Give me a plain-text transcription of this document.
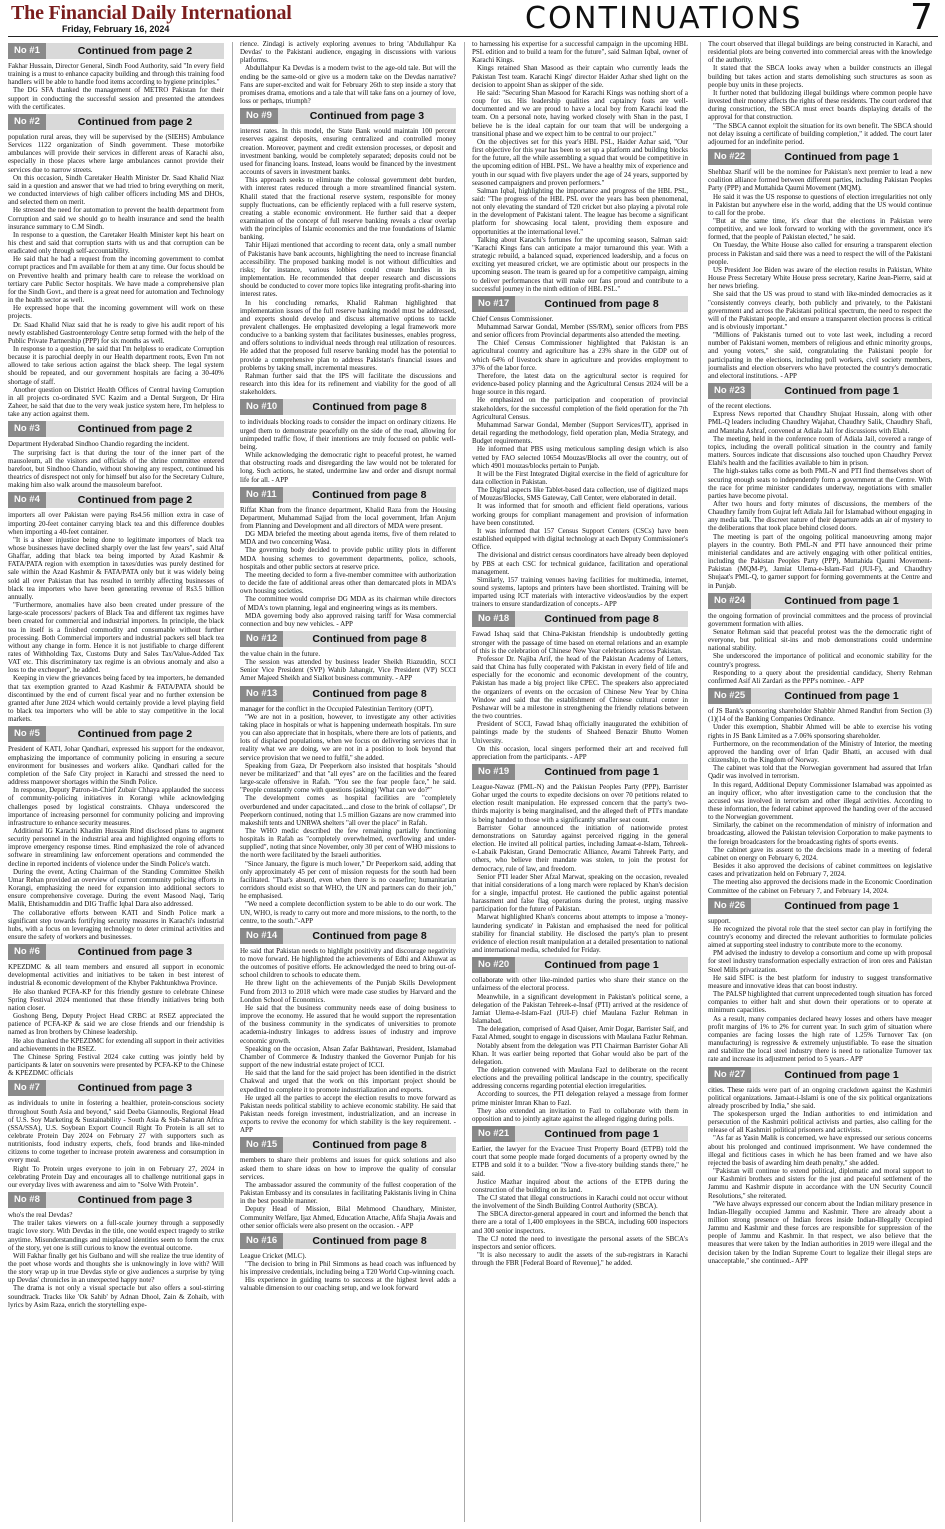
The Financial Daily International
Friday, February 16, 2024	CONTINUATIONS	7
No #1	Continued from page 2

Fakhar Hussain, Director General, Sindh Food Authority, said "In every field training is a must to enhance capacity building and through this training food handlers will be able to handle food items according to hygiene principles."

The DG SFA thanked the management of METRO Pakistan for their support in conducting the successful session and presented the attendees with the certificates.

No #2	Continued from page 2

population rural areas, they will be supervised by the (SIEHS) Ambulance Services 1122 organization of Sindh government. These motorbike ambulances will provide their services in different areas of Karachi also, especially in those places where large ambulances cannot provide their services due to narrow streets.

On this occasion, Sindh Caretaker Health Minister Dr. Saad Khalid Niaz said in a question and answer that we had tried to bring everything on merit, we conducted interviews of high caliber officers including MS and DHOs, and selected them on merit.

He stressed the need for automation to prevent the health department from Corruption and said we should go to health insurance and send the health insurance summary to C.M Sindh.

In response to a question, the Caretaker Health Minister kept his heart on his chest and said that corruption starts with us and that corruption can be eradicated only through self-accountability.

He said that he had a request from the incoming government to combat corrupt practices and I'm available for them at any time. Our focus should be on Preventive health and primary health care to release the workload on tertiary care Public Sector hospitals. We have made a comprehensive plan for the Sindh Govt., and there is a great need for automation and Technology in the health sector as well.

He expressed hope that the incoming government will work on these projects.

Dr. Saad Khalid Niaz said that he is ready to give his audit report of his newly established Gastroenterology Centre setup formed with the help of the Public Private Partnership (PPP) for six months as well.

In response to a question, he said that I'm helpless to eradicate Corruption because it is parochial deeply in our Health department roots, Even I'm not allowed to take serious action against the black sheep. The legal system should be repeated, and our government hospitals are facing a 30-40% shortage of staff.

Another question on District Health Offices of Central having Corruption in all projects co-ordinated SVC Kazim and a Dental Surgeon, Dr Hira Zaheer, he said that due to the very weak justice system here, I'm helpless to take any action against them.

No #3	Continued from page 2

Department Hyderabad Sindhoo Chandio regarding the incident.

The surprising fact is that during the tour of the inner part of the mausoleum, all the visitors and officials of the shrine committee entered barefoot, but Sindhoo Chandio, without showing any respect, continued his theatrics of disrespect not only for himself but also for the Secretary Culture, making him also walk around the mausoleum barefoot.

No #4	Continued from page 2

importers all over Pakistan were paying Rs4.56 million extra in case of importing 20-feet container carrying black tea and this difference doubles when importing a 40-feet container.

"It is a sheer injustice being done to legitimate importers of black tea whose businesses have declined sharply over the last few years", said Altaf Ghaffar, adding that black tea being imported by Azad Kashmir & FATA/PATA region with exemption in taxes/duties was purely destined for sale within the Azad Kashmir & FATA/PATA only but it was widely being sold all over Pakistan that has resulted in terribly affecting businesses of black tea importers who have been generating revenue of Rs3.5 billion annually.

"Furthermore, anomalies have also been created under pressure of the large-scale processors/ packers of Black Tea and different tax regimes have been created for commercial and industrial importers. In principle, the black tea in itself is a finished commodity and consumable without further processing. Both Commercial importers and industrial packers sell black tea without any change in form. Hence it is not justifiable to charge different rates of Withholding Tax, Customs Duty and Sales Tax/Value-Added Tax VAT etc. This discriminatory tax regime is an obvious anomaly and also a loss to the exchequer", he added.

Keeping in view the grievances being faced by tea importers, he demanded that tax exemption granted to Azad Kashmir & FATA/PATA should be discontinued by the end of current fiscal year and no further extension be granted after June 2024 which would certainly provide a level playing field to black tea importers who will be able to stay competitive in the local markets.

No #5	Continued from page 2

President of KATI, Johar Qandhari, expressed his support for the endeavor, emphasizing the importance of community policing in ensuring a secure environment for businesses and workers alike. Qandhari called for the completion of the Safe City project in Karachi and stressed the need to address manpower shortages within the Sindh Police.

In response, Deputy Patron-in-Chief Zubair Chhaya applauded the success of community-policing initiatives in Korangi while acknowledging challenges posed by logistical constraints. Chhaya underscored the importance of increasing personnel for community policing and improving infrastructure to enhance security measures.

Additional IG Karachi Khadim Hussain Rind disclosed plans to augment security personnel in the industrial area and highlighted ongoing efforts to improve emergency response times. Rind emphasized the role of advanced software in streamlining law enforcement operations and commended the decline in reported incidents of violence under the Sindh Police's watch.

During the event, Acting Chairman of the Standing Committee Sheikh Umar Rehan provided an overview of current community policing efforts in Korangi, emphasizing the need for expansion into additional sectors to ensure comprehensive coverage. During the event Masood Naqi, Tariq Malik, Ehtishamuddin and DIG Traffic Iqbal Dara also addressed.

The collaborative efforts between KATI and Sindh Police mark a significant step towards fortifying security measures in Karachi's industrial hubs, with a focus on leveraging technology to deter criminal activities and ensure the safety of workers and businesses.

No #6	Continued from page 3

KPEZDMC & all team members and ensured all support in economic developmental activities and initiatives to be taken in best interest of industrial & economic development of the Khyber Pakhtunkhwa Province.

He also thanked PCFA-KP for this friendly gesture to celebrate Chinese Spring Festival 2024 mentioned that these friendly initiatives bring both nation closer.

Goshong Beng, Deputy Project Head CRBC at RSEZ appreciated the patience of PCFA-KP & said we are close friends and our friendship is named as Iron brothers by Chinese leadership.

He also thanked the KPEZDMC for extending all support in their activities and achievements in the RSEZ.

The Chinese Spring Festival 2024 cake cutting was jointly held by participants & later on souvenirs were presented by PCFA-KP to the Chinese & KPEZDMC officials

No #7	Continued from page 3

as individuals to unite in fostering a healthier, protein-conscious society throughout South Asia and beyond," said Deeba Giannoulis, Regional Head of U.S. Soy Marketing & Sustainability - South Asia & Sub-Saharan Africa (SSA/SSA), U.S. Soybean Export Council Right To Protein is all set to celebrate Protein Day 2024 on February 27 with supporters such as nutritionists, food industry experts, chefs, food brands and like-minded citizens to come together to increase protein awareness and consumption in every meal.

Right To Protein urges everyone to join in on February 27, 2024 in celebrating Protein Day and encourages all to challenge nutritional gaps in our everyday lives with awareness and aim to "Solve With Protein".

No #8	Continued from page 3

who's the real Devdas?

The trailer takes viewers on a full-scale journey through a supposedly tragic love story. With Devdas in the title, one would expect tragedy to strike anytime. Misunderstandings and misplaced identities seem to form the crux of the story, yet one is still curious to know the eventual outcome.

Will Fakhar finally get his Gulbano and will she realize the true identity of the poet whose words and thoughts she is unknowingly in love with? Will the story wrap up in true Devdas style or give audiences a surprise by tying up Devdas' chronicles in an unexpected happy note?

The drama is not only a visual spectacle but also offers a soul-stirring soundtrack. Tracks like 'Ok Sahib' by Adnan Dhool, Zain & Zohaib, with lyrics by Asim Raza, enrich the storytelling expe-

rience. Zindagi is actively exploring avenues to bring 'Abdullahpur Ka Devdas' to the Pakistani audience, engaging in discussions with various platforms.

Abdullahpur Ka Devdas is a modern twist to the age-old tale. But will the ending be the same-old or give us a modern take on the Devdas narrative? Fans are super-excited and wait for February 26th to step inside a story that promises drama, emotions and a tale that will take fans on a journey of love, loss or perhaps, triumph?

No #9	Continued from page 3

interest rates. In this model, the State Bank would maintain 100 percent reserves against deposits, ensuring centralized and controlled money creation. Moreover, payment and credit extension processes, or deposit and investment banking, would be completely separated; deposits could not be used for financing loans. Instead, loans would be financed by the investment accounts of savers in investment banks.

This approach seeks to eliminate the colossal government debt burden, with interest rates reduced through a more streamlined financial system. Khalil stated that the fractional reserve system, responsible for money supply fluctuations, can be efficiently replaced with a full reserve system, creating a stable economic environment. He further said that a deeper examination of the concept of full reserve banking reveals a clear overlap with the principles of Islamic economics and the true foundations of Islamic banking.

Tahir Hijazi mentioned that according to recent data, only a small number of Pakistanis have bank accounts, highlighting the need to increase financial accessibility. The proposed banking model is not without difficulties and risks; for instance, various lobbies could create hurdles in its implementation. He recommended that deeper research and discussions should be conducted to cover more topics like integrating profit-sharing into interest rates.

In his concluding remarks, Khalid Rahman highlighted that implementation issues of the full reserve banking model must be addressed, and experts should develop and discuss alternative options to tackle prevalent challenges. He emphasized developing a legal framework more conducive to a banking system that facilitates businesses, enables progress, and offers solutions to individual needs through real utilization of resources. He added that the proposed full reserve banking model has the potential to provide a comprehensive plan to address Pakistan's financial issues and problems by taking small, incremental measures.

Rahman further said that the IPS will facilitate the discussions and research into this idea for its refinement and viability for the good of all stakeholders.

No #10	Continued from page 8

to individuals blocking roads to consider the impact on ordinary citizens. He urged them to demonstrate peacefully on the side of the road, allowing for unimpeded traffic flow, if their intentions are truly focused on public well-being.

While acknowledging the democratic right to peaceful protest, he warned that obstructing roads and disregarding the law would not be tolerated for long. Such actions, he stated, undermine law and order and disrupt normal life for all. - APP

No #11	Continued from page 8

Riffat Khan from the finance department, Khalid Raza from the Housing Department, Muhammad Sajjad from the local government, Irfan Anjum from Planning and Development and all directors of MDA were present.

DG MDA briefed the meeting about agenda items, five of them related to MDA and two concerning Wasa.

The governing body decided to provide public utility plots in different MDA housing schemes to government departments, police, schools, hospitals and other public sectors at reserve price.

The meeting decided to form a five-member committee with authorization to decide the fate of additional areas other than demarcated plots in MDA's own housing societies.

The committee would comprise DG MDA as its chairman while directors of MDA's town planning, legal and engineering wings as its members.

MDA governing body also approved raising tariff for Wasa commercial connection and buy new vehicles. - APP

No #12	Continued from page 8

the value chain in the future.

The session was attended by business leader Sheikh Riazuddin, SCCI Senior Vice President (SVP) Wahib Jahangir, Vice President (VP) SCCI Amer Majeed Sheikh and Sialkot business community. - APP

No #13	Continued from page 8

manager for the conflict in the Occupied Palestinian Territory (OPT).

"We are not in a position, however, to investigate any other activities taking place in hospitals or what is happening underneath hospitals. I'm sure you can also appreciate that in hospitals, where there are lots of patients, and lots of displaced populations, when we focus on delivering services that in reality what we are doing, we are not in a position to look beyond that service provision that we need to fulfil," she added.

Speaking from Gaza, Dr Peeperkorn also insisted that hospitals "should never be militarized" and that "all eyes" are on the facilities and the feared large-scale offensive in Rafah. "You see the fear people face," he said. "People constantly come with questions (asking) 'What can we do?'"

The development comes as hospital facilities are "completely overburdened and under capacitated....and close to the brink of collapse", Dr Peeperkorn continued, noting that 1.5 million Gazans are now crammed into makeshift tents and UNRWA shelters "all over the place" in Rafah.

The WHO medic described the few remaining partially functioning hospitals in Rafah as "completely overwhelmed, overflowing and under-supplied", noting that since November, only 30 per cent of WHO missions to the north were facilitated by the Israeli authorities.

"Since January, the figure is much lower," Dr Peeperkorn said, adding that only approximately 45 per cent of mission requests for the south had been facilitated. "That's absurd, even when there is no ceasefire; humanitarian corridors should exist so that WHO, the UN and partners can do their job," he emphasised.

"We need a complete deconfliction system to be able to do our work. The UN, WHO, is ready to carry out more and more missions, to the north, to the centre, to the south."-APP

No #14	Continued from page 8

He said that Pakistan needs to highlight positivity and discourage negativity to move forward. He highlighted the achievements of Edhi and Akhuwat as the outcomes of positive efforts. He acknowledged the need to bring out-of-school children to schools to educate them.

He threw light on the achievements of the Punjab Skills Development Fund from 2013 to 2018 which were made case studies by Harvard and the London School of Economics.

He said that the business community needs ease of doing business to improve the economy. He assured that he would support the representation of the business community in the syndicates of universities to promote academia-industry linkages to address issues of industry and improve economic growth.

Speaking on the occasion, Ahsan Zafar Bakhtawari, President, Islamabad Chamber of Commerce & Industry thanked the Governor Punjab for his support of the new industrial estate project of ICCI.

He said that the land for the said project has been identified in the district Chakwal and urged that the work on this important project should be expedited to complete it to promote industrialization and exports.

He urged all the parties to accept the election results to move forward as Pakistan needs political stability to achieve economic stability. He said that Pakistan needs foreign investment, industrialization, and an increase in exports to revive the economy for which stability is the key requirement. - APP

No #15	Continued from page 8

members to share their problems and issues for quick solutions and also asked them to share ideas on how to improve the quality of consular services.

The ambassador assured the community of the fullest cooperation of the Pakistan Embassy and its consulates in facilitating Pakistanis living in China in the best possible manner.

Deputy Head of Mission, Bilal Mehmood Chaudhary, Minister, Community Welfare, Ijaz Ahmed, Education Attache, Afifa Shajia Awais and other senior officials were also present on the occasion. - APP

No #16	Continued from page 8

League Cricket (MLC).

"The decision to bring in Phil Simmons as head coach was influenced by his impressive credentials, including being a T20 World Cup-winning coach.

His experience in guiding teams to success at the highest level adds a valuable dimension to our coaching setup, and we look forward

to harnessing his expertise for a successful campaign in the upcoming HBL PSL edition and to build a team for the future", said Salman Iqbal, owner of Karachi Kings.

Kings retained Shan Masood as their captain who currently leads the Pakistan Test team. Karachi Kings' director Haider Azhar shed light on the decision to appoint Shan as skipper of the side.

He said: "Securing Shan Masood for Karachi Kings was nothing short of a coup for us. His leadership qualities and captaincy feats are well-documented and we are proud to have a local boy from Karachi lead the team. On a personal note, having worked closely with Shan in the past, I believe he is the ideal captain for our team that will be undergoing a transitional phase and we expect him to be central to our project."

On the objectives set for this year's HBL PSL, Haider Azhar said, "Our first objective for this year has been to set up a platform and building blocks for the future, all the while assembling a squad that would be competitive in the upcoming edition of HBL PSL. We have a healthy mix of experience and youth in our squad with five players under the age of 24 years, supported by seasoned campaigners and proven performers."

Salman Iqbal, highlighting the importance and progress of the HBL PSL, said: "The progress of the HBL PSL over the years has been phenomenal, not only elevating the standard of T20 cricket but also playing a pivotal role in the development of Pakistani talent. The league has become a significant platform for showcasing local talent, providing them exposure and opportunities at the international level."

Talking about Karachi's fortunes for the upcoming season, Salman said: "Karachi Kings fans can anticipate a major turnaround this year. With a strategic rebuild, a balanced squad, experienced leadership, and a focus on exciting yet measured cricket, we are optimistic about our prospects in the upcoming season. The team is geared up for a competitive campaign, aiming to deliver performances that will make our fans proud and contribute to a successful journey in the ninth edition of HBL PSL."

No #17	Continued from page 8

Chief Census Commissioner.

Muhammad Sarwar Gondal, Member (SS/RM), senior officers from PBS and senior officers from Provincial departments also attended the meeting.

The Chief Census Commissioner highlighted that Pakistan is an agricultural country and agriculture has a 23% share in the GDP out of which 64% of livestock share in agriculture and provides employment to 37% of the labor force.

Therefore, the latest data on the agricultural sector is required for evidence-based policy planning and the Agricultural Census 2024 will be a huge source in this regard.

He emphasized on the participation and cooperation of provincial stakeholders, for the successful completion of the field operation for the 7th Agricultural Census.

Muhammad Sarwar Gondal, Member (Support Services/IT), apprised in detail regarding the methodology, field operation plan, Media Strategy, and Budget requirements.

He informed that PBS using meticulous sampling design which is also vetted by FAO selected 10654 Mouzas/Blocks all over the country, out of which 4901 mouzas/blocks pertain to Punjab.

It will be the First Integrated Digital exercise in the field of agriculture for data collection in Pakistan.

The Digital aspects like Tablet-based data collection, use of digitized maps of Mouzas/Blocks, SMS Gateway, Call Center, were elaborated in detail.

It was informed that for smooth and efficient field operations, various working groups for compliant management and provision of information have been constituted.

It was informed that 157 Census Support Centers (CSCs) have been established equipped with digital technology at each Deputy Commissioner's Office.

The divisional and district census coordinators have already been deployed by PBS at each CSC for technical guidance, facilitation and operational management.

Similarly, 157 training venues having facilities for multimedia, internet, sound systems, laptops and printers have been shortlisted. Training will be imparted using ICT materials with interactive videos/audios by the expert trainers to ensure standardization of concepts.- APP

No #18	Continued from page 8

Fawad Ishaq said that China-Pakistan friendship is undoubtedly getting stronger with the passage of time based on eternal relations and an example of this is the celebration of Chinese New Year celebrations across Pakistan.

Professor Dr. Najiba Arif, the head of the Pakistan Academy of Letters, said that China has fully cooperated with Pakistan in every field of life and especially for the economic and economic development of the country, Pakistan has made a big project like CPEC. The speakers also appreciated the organizers of events on the occasion of Chinese New Year by China Window and said that the establishment of Chinese cultural center in Peshawar will be a milestone in strengthening the friendly relations between the two countries.

President of SCCI, Fawad Ishaq officially inaugurated the exhibition of paintings made by the students of Shaheed Benazir Bhutto Women University.

On this occasion, local singers performed their art and received full appreciation from the participants. - APP

No #19	Continued from page 1

League-Nawaz (PML-N) and the Pakistan Peoples Party (PPP), Barrister Gohar urged the courts to expedite decisions on over 70 petitions related to election result manipulation. He expressed concern that the party's two-thirds majority is being marginalised, and the alleged theft of PTI's mandate is being handed to those with a significantly smaller seat count.

Barrister Gohar announced the initiation of nationwide protest demonstrations on Saturday against perceived rigging in the general election. He invited all political parties, including Jamaat-e-Islam, Tehreek-e-Labaik Pakistan, Grand Democratic Alliance, Awami Tahreek Party, and others, who believe their mandate was stolen, to join the protest for democracy, rule of law, and freedom.

Senior PTI leader Sher Afzal Marwat, speaking on the occasion, revealed that initial considerations of a long march were replaced by Khan's decision for a single, impactful protest. He cautioned the public against potential harassment and false flag operations during the protest, urging massive participation for the future of Pakistan.

Marwat highlighted Khan's concerns about attempts to impose a 'money-laundering syndicate' in Pakistan and emphasised the need for political stability for financial stability. He disclosed the party's plan to present evidence of election result manipulation at a detailed presentation to national and international media, scheduled for Friday.

No #20	Continued from page 1

collaborate with other like-minded parties who share their stance on the unfairness of the electoral process.

Meanwhile, in a significant development in Pakistan's political scene, a delegation of the Pakistan Tehreek-e-Insaf (PTI) arrived at the residence of Jamiat Ulema-e-Islam-Fazl (JUI-F) chief Maulana Fazlur Rehman in Islamabad.

The delegation, comprised of Asad Qaiser, Amir Dogar, Barrister Saif, and Fazal Ahmed, sought to engage in discussions with Maulana Fazlur Rehman.

Notably absent from the delegation was PTI Chairman Barrister Gohar Ali Khan. It was earlier being reported that Gohar would also be part of the delegation.

The delegation convened with Maulana Fazl to deliberate on the recent elections and the prevailing political landscape in the country, specifically addressing concerns regarding potential election irregularities.

According to sources, the PTI delegation relayed a message from former prime minister Imran Khan to Fazl.

They also extended an invitation to Fazl to collaborate with them in opposition and to jointly agitate against the alleged rigging during polls.

No #21	Continued from page 1

Earlier, the lawyer for the Evacuee Trust Property Board (ETPB) told the court that some people made forged documents of a property owned by the ETPB and sold it to a builder. "Now a five-story building stands there," he said.

Justice Mazhar inquired about the actions of the ETPB during the construction of the building on its land.

The CJ stated that illegal constructions in Karachi could not occur without the involvement of the Sindh Building Control Authority (SBCA).

The SBCA director-general appeared in court and informed the bench that there are a total of 1,400 employees in the SBCA, including 600 inspectors and 300 senior inspectors.

The CJ noted the need to investigate the personal assets of the SBCA's inspectors and senior officers.

"It is also necessary to audit the assets of the sub-registrars in Karachi through the FBR [Federal Board of Revenue]," he added.

The court observed that illegal buildings are being constructed in Karachi, and residential plots are being converted into commercial areas with the knowledge of the authority.

It stated that the SBCA looks away when a builder constructs an illegal building but takes action and starts demolishing such structures as soon as people buy units in these projects.

It further noted that bulldozing illegal buildings where common people have invested their money affects the rights of these residents. The court ordered that during construction, the SBCA must erect boards displaying details of the approval for that construction.

"The SBCA cannot exploit the situation for its own benefit. The SBCA should not delay issuing a certificate of building completion," it added. The court later adjourned for an indefinite period.

No #22	Continued from page 1

Shehbaz Sharif will be the nominee for Pakistan's next premier to lead a new coalition alliance formed between different parties, including Pakistan Peoples Party (PPP) and Muttahida Qaumi Movement (MQM).

He said it was the US response to questions of election irregularities not only in Pakistan but anywhere else in the world, adding that the US would continue to call for the probe.

"But at the same time, it's clear that the elections in Pakistan were competitive, and we look forward to working with the government, once it's formed, that the people of Pakistan elected," he said.

On Tuesday, the White House also called for ensuring a transparent election process in Pakistan and said there was a need to respect the will of the Pakistani people.

US President Joe Biden was aware of the election results in Pakistan, White House Press Secretary White House press secretary, Karine Jean-Pierre, said at her news briefing.

She said that the US was proud to stand with like-minded democracies as it "consistently conveys clearly, both publicly and privately, to the Pakistani government and across the Pakistani political spectrum, the need to respect the will of the Pakistani people, and ensure a transparent election process is critical and is obviously important."

"Millions of Pakistanis turned out to vote last week, including a record number of Pakistani women, members of religious and ethnic minority groups, and young voters," she said, congratulating the Pakistani people for participating in the elections, including poll workers, civil society members, journalists and election observers who have protected the country's democratic and electoral institutions. - APP

No #23	Continued from page 1

of the recent elections.

Express News reported that Chaudhry Shujaat Hussain, along with other PML-Q leaders including Chaudhry Wajahat, Chaudhry Salik, Chaudhry Shafi, and Mantaha Ashraf, convened at Adiala Jail for discussions with Elahi.

The meeting, held in the conference room of Adiala Jail, covered a range of topics, including the overall political situation in the country and family matters. Sources indicate that discussions also touched upon Chaudhry Pervez Elahi's health and the facilities available to him in prison.

The high-stakes talks come as both PML-N and PTI find themselves short of securing enough seats to independently form a government at the Centre. With the race for prime minister candidates underway, negotiations with smaller parties have become pivotal.

After two hours and forty minutes of discussions, the members of the Chaudhry family from Gujrat left Adiala Jail for Islamabad without engaging in any media talk. The discreet nature of their departure adds an air of mystery to the deliberations that took place behind closed doors.

The meeting is part of the ongoing political manoeuvring among major players in the country. Both PML-N and PTI have announced their prime ministerial candidates and are actively engaging with other political entities, including the Pakistan Peoples Party (PPP), Muttahida Qaumi Movement-Pakistan (MQM-P), Jamiat Ulema-e-Islam-Fazl (JUI-F), and Chaudhry Shujaat's PML-Q, to garner support for forming governments at the Centre and in Punjab.

No #24	Continued from page 1

the ongoing formation of provincial committees and the process of provincial government formation with allies.

Senator Rehman said that peaceful protest was the the democratic right of everyone, but political sit-ins and mob demonstrations could undermine national stability.

She underscored the importance of political and economic stability for the country's progress.

Responding to a query about the presidential candidacy, Sherry Rehman confirmed Asif Ali Zardari as the PPP's nominee. - APP

No #25	Continued from page 1

of JS Bank's sponsoring shareholder Shabbir Ahmed Randhri from Section (3)(1)(14 of the Banking Companies Ordinance.

Under this exemption, Shabbir Ahmed will be able to exercise his voting rights in JS Bank Limited as a 7.06% sponsoring shareholder.

Furthermore, on the recommendation of the Ministry of Interior, the meeting approved the handing over of Irfan Qadir Bhatti, an accused with dual citizenship, to the Kingdom of Norway.

The cabinet was told that the Norwegian government had assured that Irfan Qadir was involved in terrorism.

In this regard, Additional Deputy Commissioner Islamabad was appointed as an inquiry officer, who after investigation came to the conclusion that the accused was involved in terrorism and other illegal activities. According to these information, the federal cabinet approved the handing over of the accused to the Norwegian government.

Similarly, the cabinet on the recommendation of ministry of information and broadcasting, allowed the Pakistan television Corporation to make payments to the foreign broadcasters for the broadcasting rights of sports events.

The cabinet gave its assent to the decisions made in a meeting of federal cabinet on energy on February 6, 2024.

Besides it also approved the decisions of cabinet committees on legislative cases and privatization held on February 7, 2024.

The meeting also approved the decisions made in the Economic Coordination Committee of the cabinet on February 7, and February 14, 2024.

No #26	Continued from page 1

support.

He recognized the pivotal role that the steel sector can play in fortifying the country's economy and directed the relevant authorities to formulate policies aimed at supporting steel industry to contribute more to the economy.

PM advised the industry to develop a consortium and come up with proposal for steel industry transformation especially extraction of iron ores and Pakistan Steel Mills privatization.

He said SIFC is the best platform for industry to suggest transformative measure and innovative ideas that can boost industry.

The PALSP highlighted that current unprecedented tough situation has forced companies to either halt and shut down their operations or to operate at minimum capacities.

As a result, many companies declared heavy losses and others have meager profit margins of 1% to 2% for current year. In such grim of situation where companies are facing losses the high rate of 1.25% Turnover Tax (on manufacturing) is regressive & extremely unjustifiable. To ease the situation and stabilize the local steel industry there is need to rationalize Turnover tax rate and increase its adjustment period to 5 years.- APP

No #27	Continued from page 1

cities. These raids were part of an ongoing crackdown against the Kashmiri political organizations. Jamaat-i-Islami is one of the six political organizations already proscribed by India," she said.

The spokesperson urged the Indian authorities to end intimidation and persecution of the Kashmiri political activists and parties, also calling for the release of all Kashmiri political prisoners and activists.

"As far as Yasin Malik is concerned, we have expressed our serious concerns about his prolonged and continued imprisonment. We have condemned the illegal and fictitious cases in which he has been framed and we have also rejected the basis of awarding him death penalty," she added.

"Pakistan will continue to extend political, diplomatic and moral support to our Kashmiri brothers and sisters for the just and peaceful settlement of the Jammu and Kashmir dispute in accordance with the UN Security Council Resolutions," she reiterated.

"We have always expressed our concern about the Indian military presence in Indian-Illegally occupied Jammu and Kashmir. There are already about a million strong presence of Indian forces inside Indian-Illegally Occupied Jammu and Kashmir and these forces are responsible for suppression of the people of Jammu and Kashmir. In that respect, we also believe that the measures that were taken by the Indian authorities in 2019 were illegal and the decision taken by the Indian Supreme Court to legalize their illegal steps are unacceptable," she continued.- APP
